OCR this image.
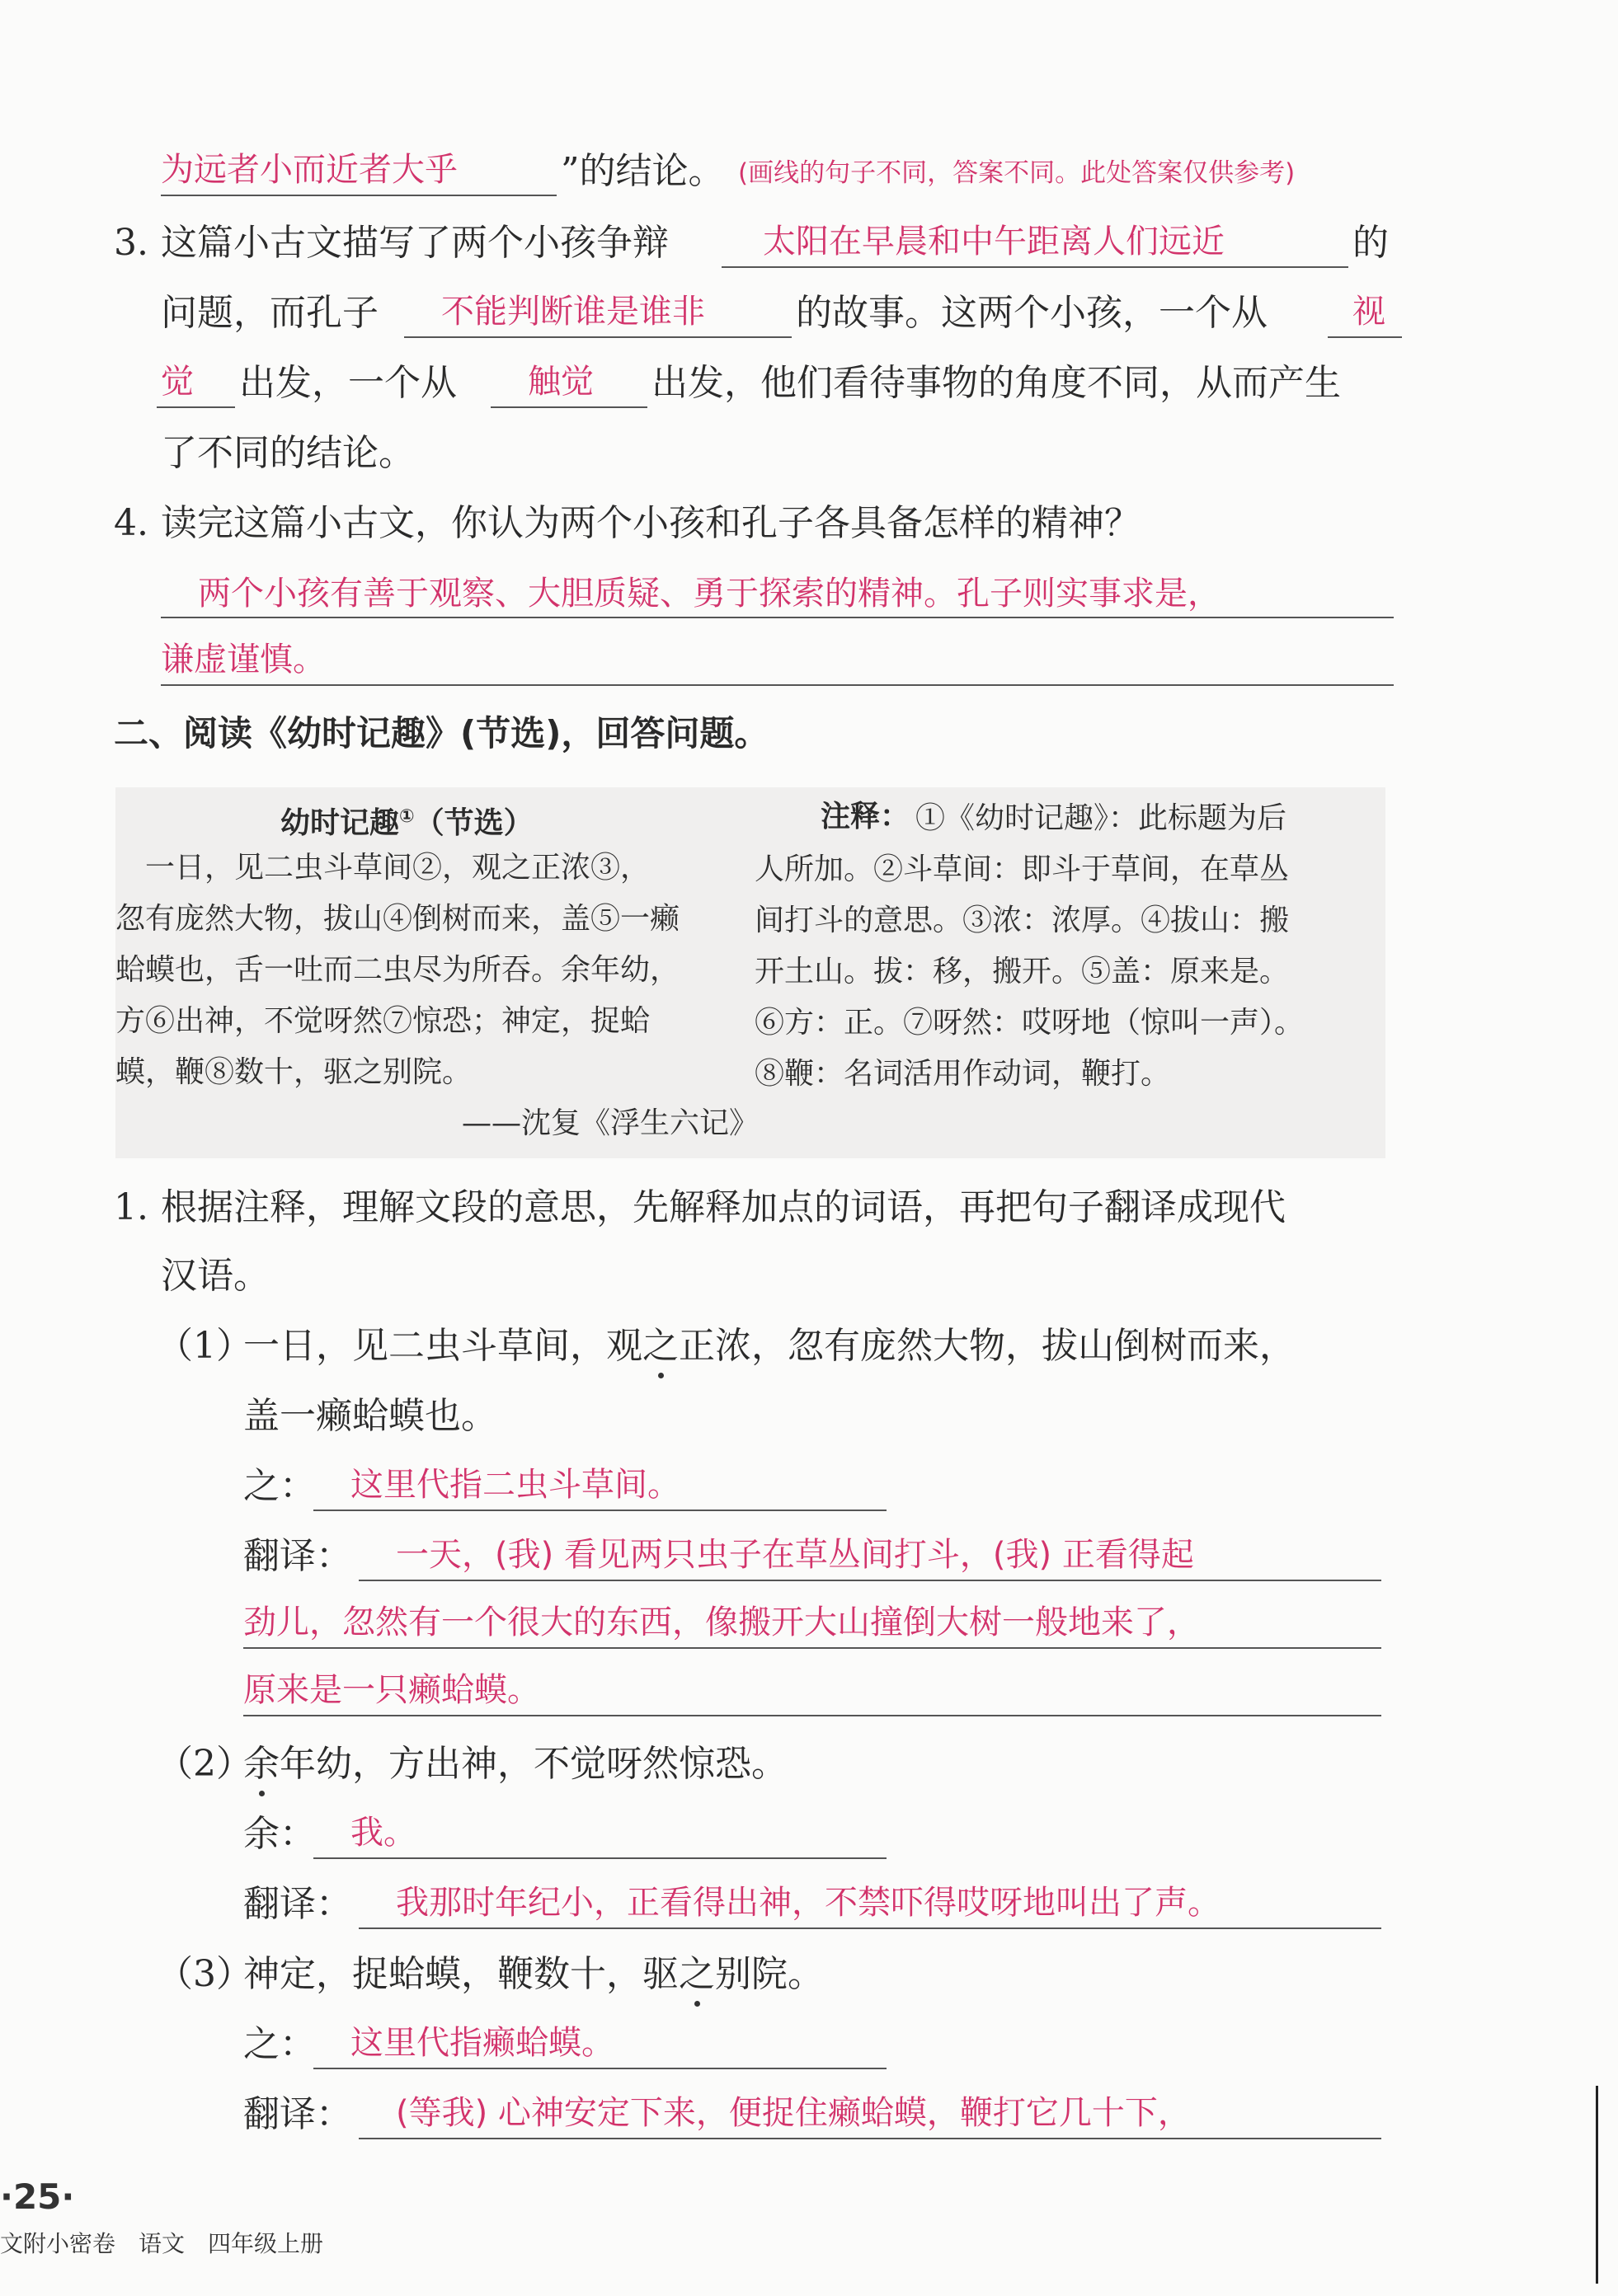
为远者小而近者大乎	”的结论。 (画线的句子不同，答案不同。此处答案仅供参考)
3. 这篇小古文描写了两个小孩争辩	太阳在早晨和中午距离人们远近	的
问题，而孔子 不能判断谁是谁非	的故事。这两个小孩，一个从	视
觉 出发，一个从 触觉 出发，他们看待事物的角度不同，从而产生
了不同的结论。
4. 读完这篇小古文，你认为两个小孩和孔子各具备怎样的精神？
两个小孩有善于观察、大胆质疑、勇于探索的精神。孔子则实事求是，
谦虚谨慎。
二、阅读《幼时记趣》(节选)，回答问题。
幼时记趣①（节选）
　一日，见二虫斗草间②，观之正浓③，
忽有庞然大物，拔山④倒树而来，盖⑤一癞
蛤蟆也，舌一吐而二虫尽为所吞。余年幼，
方⑥出神，不觉呀然⑦惊恐；神定，捉蛤
蟆，鞭⑧数十，驱之别院。
——沈复《浮生六记》
注释： ①《幼时记趣》：此标题为后
人所加。②斗草间：即斗于草间，在草丛
间打斗的意思。③浓：浓厚。④拔山：搬
开土山。拔：移，搬开。⑤盖：原来是。
⑥方：正。⑦呀然：哎呀地（惊叫一声）。
⑧鞭：名词活用作动词，鞭打。
1. 根据注释，理解文段的意思，先解释加点的词语，再把句子翻译成现代
汉语。
（1）
一日，见二虫斗草间，观之正浓，忽有庞然大物，拔山倒树而来，
盖一癞蛤蟆也。
之： 这里代指二虫斗草间。
翻译： 一天，(我) 看见两只虫子在草丛间打斗，(我) 正看得起
劲儿，忽然有一个很大的东西，像搬开大山撞倒大树一般地来了，
原来是一只癞蛤蟆。
（2）
余年幼，方出神，不觉呀然惊恐。
余： 我。
翻译： 我那时年纪小，正看得出神，不禁吓得哎呀地叫出了声。
（3）
神定，捉蛤蟆，鞭数十，驱之别院。
之： 这里代指癞蛤蟆。
翻译： (等我) 心神安定下来，便捉住癞蛤蟆，鞭打它几十下，
·25·
文附小密卷　语文　四年级上册
